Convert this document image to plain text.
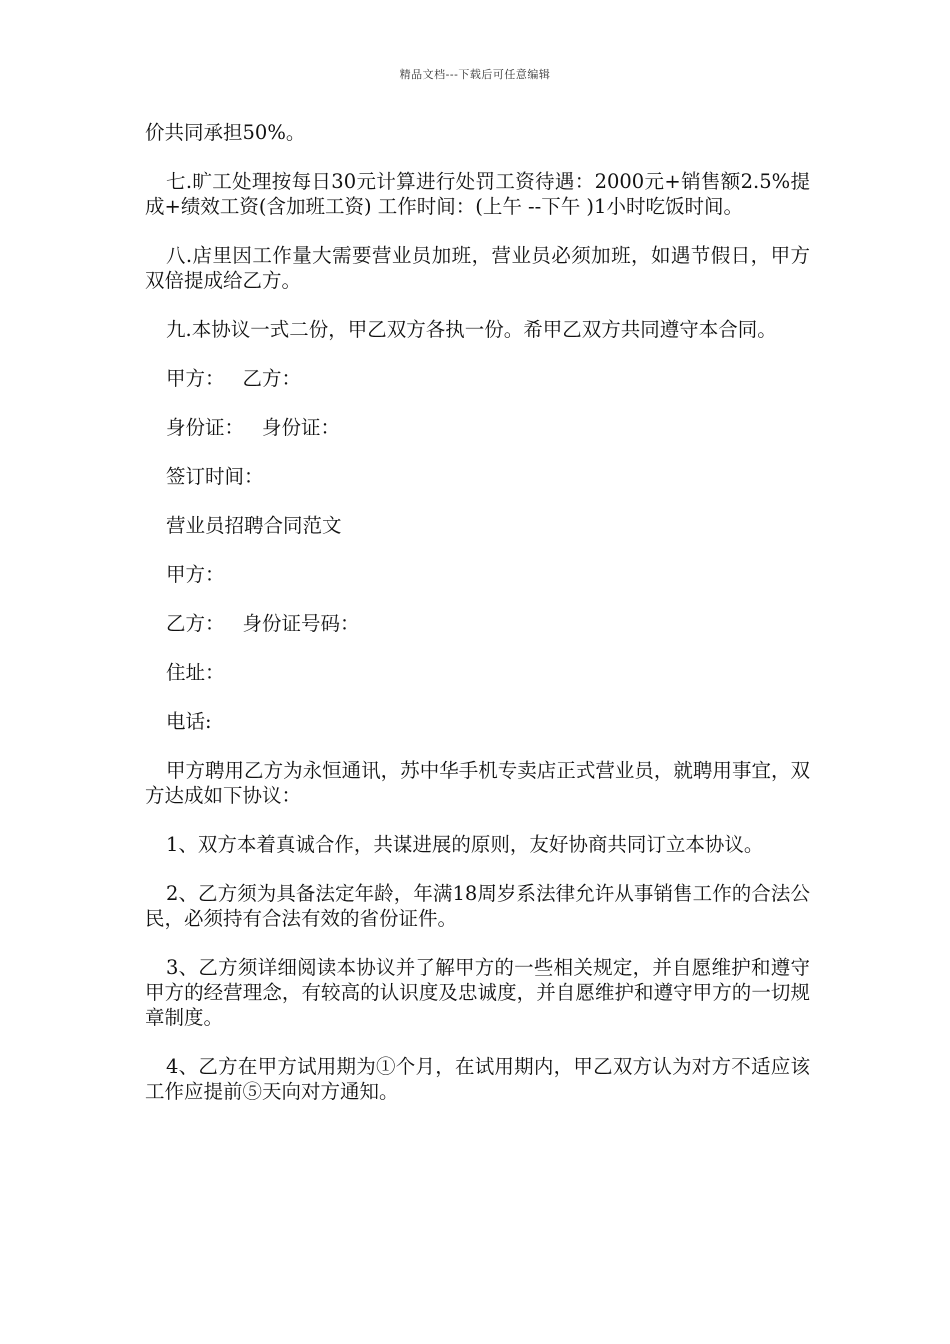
精品文档---下载后可任意编辑

价共同承担50%。

七.旷工处理按每日30元计算进行处罚工资待遇：2000元+销售额2.5%提成+绩效工资(含加班工资) 工作时间：(上午 --下午 )1小时吃饭时间。

八.店里因工作量大需要营业员加班，营业员必须加班，如遇节假日，甲方双倍提成给乙方。

九.本协议一式二份，甲乙双方各执一份。希甲乙双方共同遵守本合同。

甲方： 乙方：

身份证： 身份证：

签订时间：

营业员招聘合同范文

甲方：

乙方： 身份证号码：

住址：

电话:

甲方聘用乙方为永恒通讯，苏中华手机专卖店正式营业员，就聘用事宜，双方达成如下协议：

1、双方本着真诚合作，共谋进展的原则，友好协商共同订立本协议。

2、乙方须为具备法定年龄，年满18周岁系法律允许从事销售工作的合法公民，必须持有合法有效的省份证件。

3、乙方须详细阅读本协议并了解甲方的一些相关规定，并自愿维护和遵守甲方的经营理念，有较高的认识度及忠诚度，并自愿维护和遵守甲方的一切规章制度。

4、乙方在甲方试用期为①个月，在试用期内，甲乙双方认为对方不适应该工作应提前⑤天向对方通知。
